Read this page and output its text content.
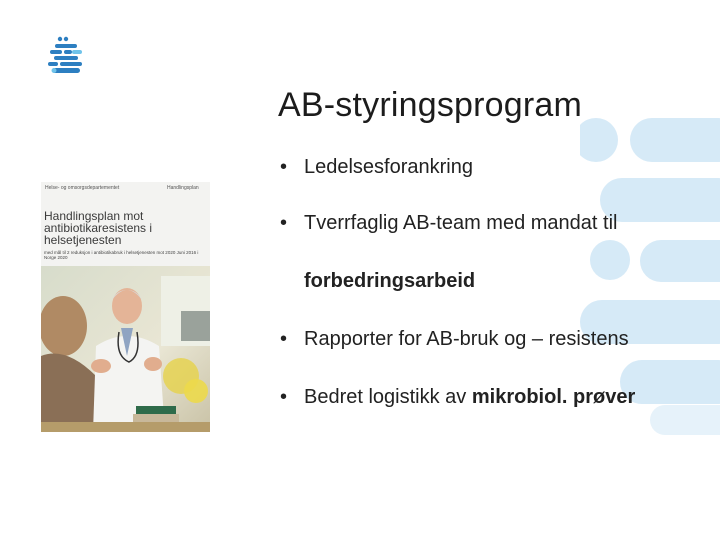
AB-styringsprogram
• Ledelsesforankring
• Tverrfaglig AB-team med mandat til
forbedringsarbeid
• Rapporter for AB-bruk og – resistens
• Bedret logistikk av mikrobiol. prøver
Helse- og omsorgsdepartementet	Handlingsplan
Handlingsplan mot antibiotikaresistens i helsetjenesten
med mål til 2 reduksjon i antibiotikabruk i helsetjenesten mot 2020 Juni 2016 i Norge 2020
